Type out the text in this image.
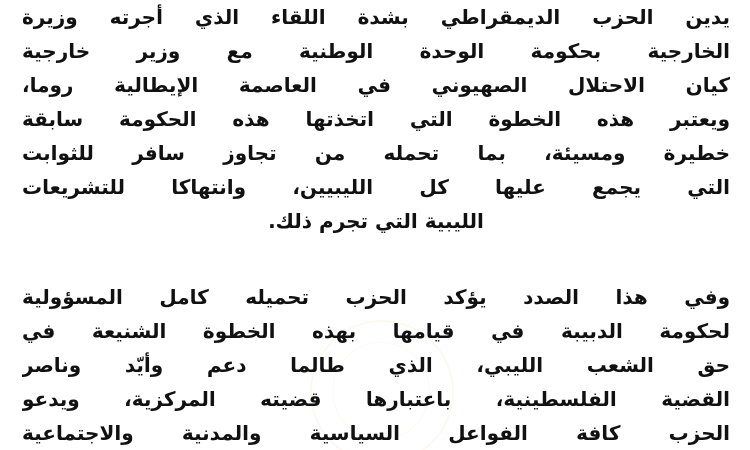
يدين الحزب الديمقراطي بشدة اللقاء الذي أجرته وزيرة
الخارجية بحكومة الوحدة الوطنية مع وزير خارجية
كيان الاحتلال الصهيوني في العاصمة الإيطالية روما،
ويعتبر هذه الخطوة التي اتخذتها هذه الحكومة سابقة
خطيرة ومسيئة، بما تحمله من تجاوز سافر للثوابت
التي يجمع عليها كل الليبيين، وانتهاكا للتشريعات
الليبية التي تجرم ذلك.
وفي هذا الصدد يؤكد الحزب تحميله كامل المسؤولية
لحكومة الدبيبة في قيامها بهذه الخطوة الشنيعة في
حق الشعب الليبي، الذي طالما دعم وأيّد وناصر
القضية الفلسطينية، باعتبارها قضيته المركزية، ويدعو
الحزب كافة الفواعل السياسية والمدنية والاجتماعية
